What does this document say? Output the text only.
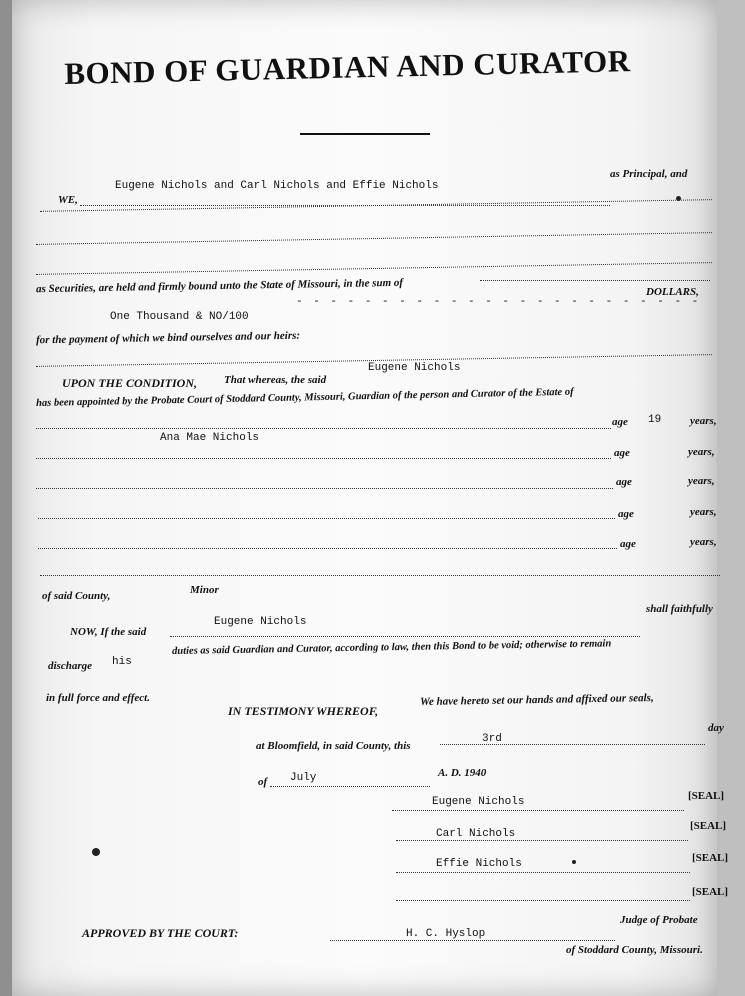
BOND OF GUARDIAN AND CURATOR
WE,
Eugene Nichols and Carl Nichols and Effie Nichols
as Principal, and
as Securities, are held and firmly bound unto the State of Missouri, in the sum of
One Thousand & NO/100
- - - - - - - - - - - - - - - - - - - - - - - -
DOLLARS,
for the payment of which we bind ourselves and our heirs:
UPON THE CONDITION, That whereas, the said
Eugene Nichols
has been appointed by the Probate Court of Stoddard County, Missouri, Guardian of the person and Curator of the Estate of
Ana Mae Nichols
age 19	years,
age	years,
age	years,
age	years,
age	years,
of said County,	Minor
NOW, If the said
Eugene Nichols
shall faithfully
discharge his
duties as said Guardian and Curator, according to law, then this Bond to be void; otherwise to remain
in full force and effect.
IN TESTIMONY WHEREOF,
We have hereto set our hands and affixed our seals,
at Bloomfield, in said County, this
3rd
day
of July	A. D. 1940
Eugene Nichols	[SEAL]
Carl Nichols
[SEAL]
Effie Nichols	[SEAL]
[SEAL]
APPROVED BY THE COURT:	H. C. Hyslop
Judge of Probate
of Stoddard County, Missouri.
